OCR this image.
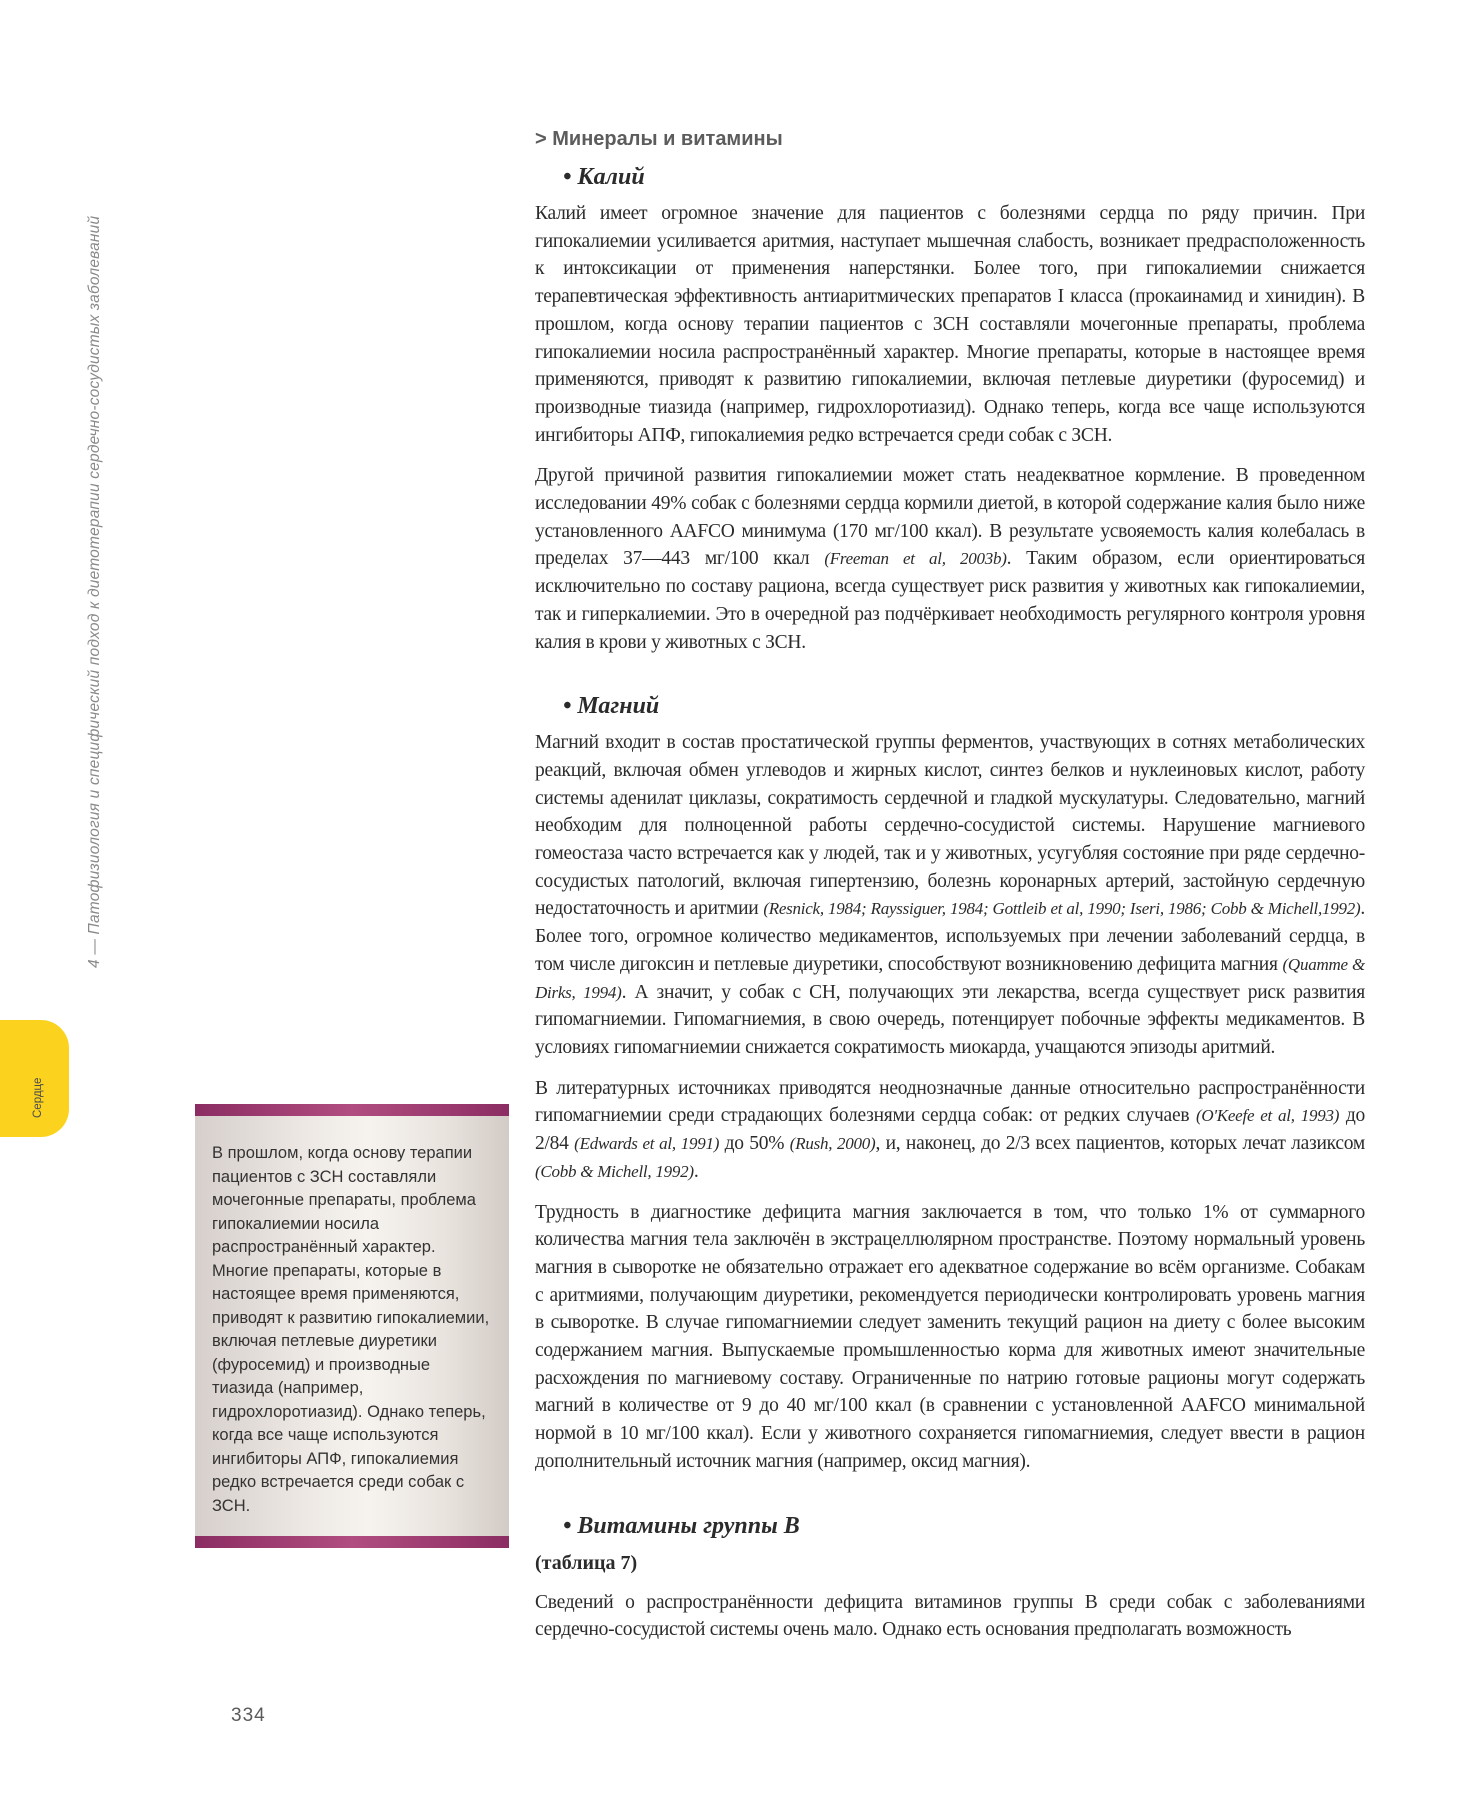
4 — Патофизиология и специфический подход к диетотерапии сердечно-сосудистых заболеваний
Сердце

В прошлом, когда основу терапии пациентов с ЗСН составляли мочегонные препараты, проблема гипокалиемии носила распространённый характер. Многие препараты, которые в настоящее время применяются, приводят к развитию гипокалиемии, включая петлевые диуретики (фуросемид) и производные тиазида (например, гидрохлоротиазид). Однако теперь, когда все чаще используются ингибиторы АПФ, гипокалиемия редко встречается среди собак с ЗСН.

334
> Минералы и витамины
• Калий

Калий имеет огромное значение для пациентов с болезнями сердца по ряду причин. При гипокалиемии усиливается аритмия, наступает мышечная слабость, возникает предрасположенность к интоксикации от применения наперстянки. Более того, при гипокалиемии снижается терапевтическая эффективность антиаритмических препаратов I класса (прокаинамид и хинидин). В прошлом, когда основу терапии пациентов с ЗСН составляли мочегонные препараты, проблема гипокалиемии носила распространённый характер. Многие препараты, которые в настоящее время применяются, приводят к развитию гипокалиемии, включая петлевые диуретики (фуросемид) и производные тиазида (например, гидрохлоротиазид). Однако теперь, когда все чаще используются ингибиторы АПФ, гипокалиемия редко встречается среди собак с ЗСН.

Другой причиной развития гипокалиемии может стать неадекватное кормление. В проведенном исследовании 49% собак с болезнями сердца кормили диетой, в которой содержание калия было ниже установленного AAFCO минимума (170 мг/100 ккал). В результате усвояемость калия колебалась в пределах 37—443 мг/100 ккал (Freeman et al, 2003b). Таким образом, если ориентироваться исключительно по составу рациона, всегда существует риск развития у животных как гипокалиемии, так и гиперкалиемии. Это в очередной раз подчёркивает необходимость регулярного контроля уровня калия в крови у животных с ЗСН.

• Магний

Магний входит в состав простатической группы ферментов, участвующих в сотнях метаболических реакций, включая обмен углеводов и жирных кислот, синтез белков и нуклеиновых кислот, работу системы аденилат циклазы, сократимость сердечной и гладкой мускулатуры. Следовательно, магний необходим для полноценной работы сердечно-сосудистой системы. Нарушение магниевого гомеостаза часто встречается как у людей, так и у животных, усугубляя состояние при ряде сердечно-сосудистых патологий, включая гипертензию, болезнь коронарных артерий, застойную сердечную недостаточность и аритмии (Resnick, 1984; Rayssiguer, 1984; Gottleib et al, 1990; Iseri, 1986; Cobb & Michell,1992). Более того, огромное количество медикаментов, используемых при лечении заболеваний сердца, в том числе дигоксин и петлевые диуретики, способствуют возникновению дефицита магния (Quamme & Dirks, 1994). А значит, у собак с СН, получающих эти лекарства, всегда существует риск развития гипомагниемии. Гипомагниемия, в свою очередь, потенцирует побочные эффекты медикаментов. В условиях гипомагниемии снижается сократимость миокарда, учащаются эпизоды аритмий.

В литературных источниках приводятся неоднозначные данные относительно распространённости гипомагниемии среди страдающих болезнями сердца собак: от редких случаев (O'Keefe et al, 1993) до 2/84 (Edwards et al, 1991) до 50% (Rush, 2000), и, наконец, до 2/3 всех пациентов, которых лечат лазиксом (Cobb & Michell, 1992).

Трудность в диагностике дефицита магния заключается в том, что только 1% от суммарного количества магния тела заключён в экстрацеллюлярном пространстве. Поэтому нормальный уровень магния в сыворотке не обязательно отражает его адекватное содержание во всём организме. Собакам с аритмиями, получающим диуретики, рекомендуется периодически контролировать уровень магния в сыворотке. В случае гипомагниемии следует заменить текущий рацион на диету с более высоким содержанием магния. Выпускаемые промышленностью корма для животных имеют значительные расхождения по магниевому составу. Ограниченные по натрию готовые рационы могут содержать магний в количестве от 9 до 40 мг/100 ккал (в сравнении с установленной AAFCO минимальной нормой в 10 мг/100 ккал). Если у животного сохраняется гипомагниемия, следует ввести в рацион дополнительный источник магния (например, оксид магния).

• Витамины группы В
(таблица 7)

Сведений о распространённости дефицита витаминов группы В среди собак с заболеваниями сердечно-сосудистой системы очень мало. Однако есть основания предполагать возможность
